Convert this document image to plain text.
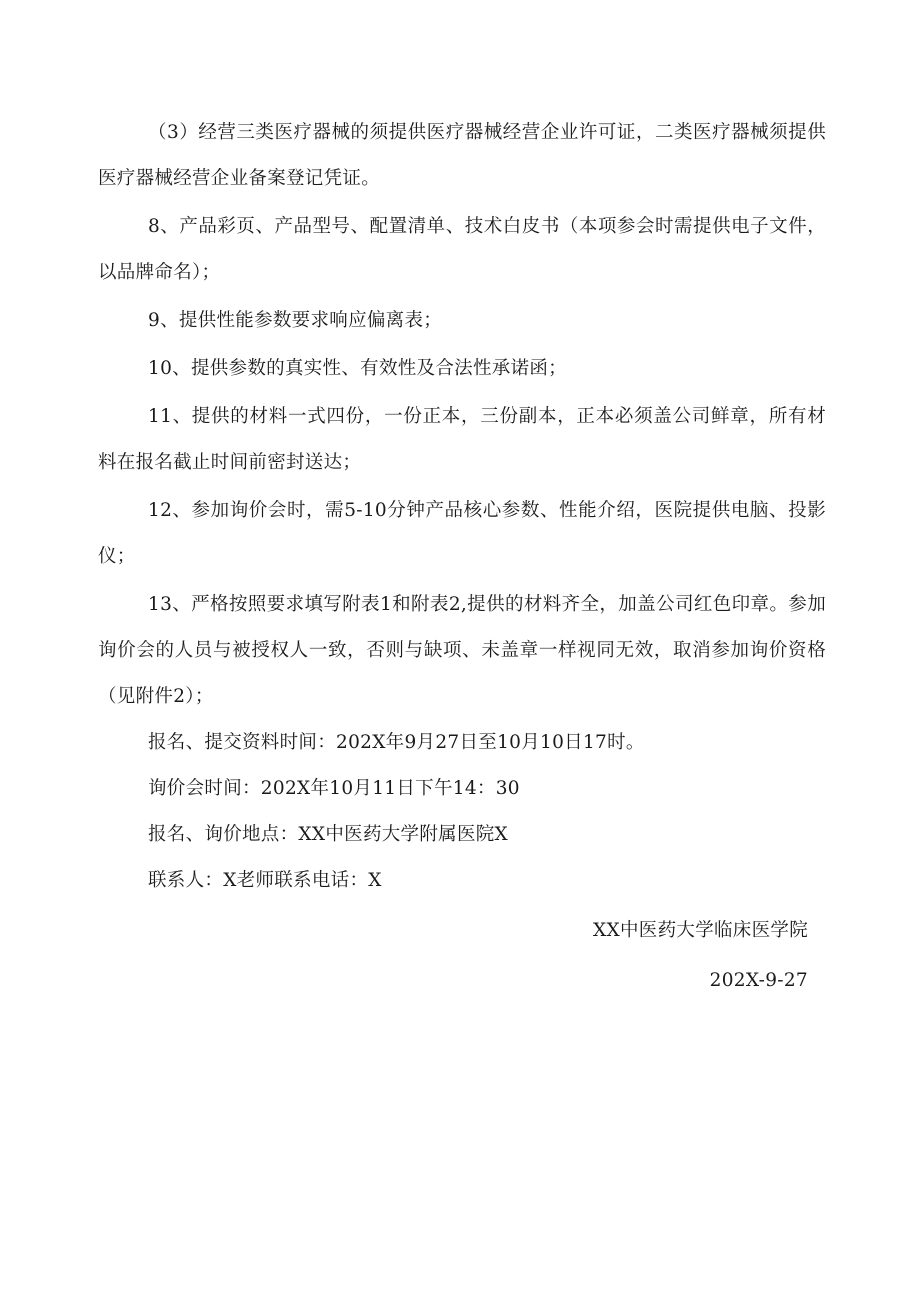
（3）经营三类医疗器械的须提供医疗器械经营企业许可证，二类医疗器械须提供医疗器械经营企业备案登记凭证。

8、产品彩页、产品型号、配置清单、技术白皮书（本项参会时需提供电子文件，以品牌命名）；

9、提供性能参数要求响应偏离表；

10、提供参数的真实性、有效性及合法性承诺函；

11、提供的材料一式四份，一份正本，三份副本，正本必须盖公司鲜章，所有材料在报名截止时间前密封送达；

12、参加询价会时，需5-10分钟产品核心参数、性能介绍，医院提供电脑、投影仪；

13、严格按照要求填写附表1和附表2,提供的材料齐全，加盖公司红色印章。参加询价会的人员与被授权人一致，否则与缺项、未盖章一样视同无效，取消参加询价资格（见附件2）；

报名、提交资料时间：202X年9月27日至10月10日17时。

询价会时间：202X年10月11日下午14：30

报名、询价地点：XX中医药大学附属医院X

联系人：X老师联系电话：X

XX中医药大学临床医学院

202X-9-27
